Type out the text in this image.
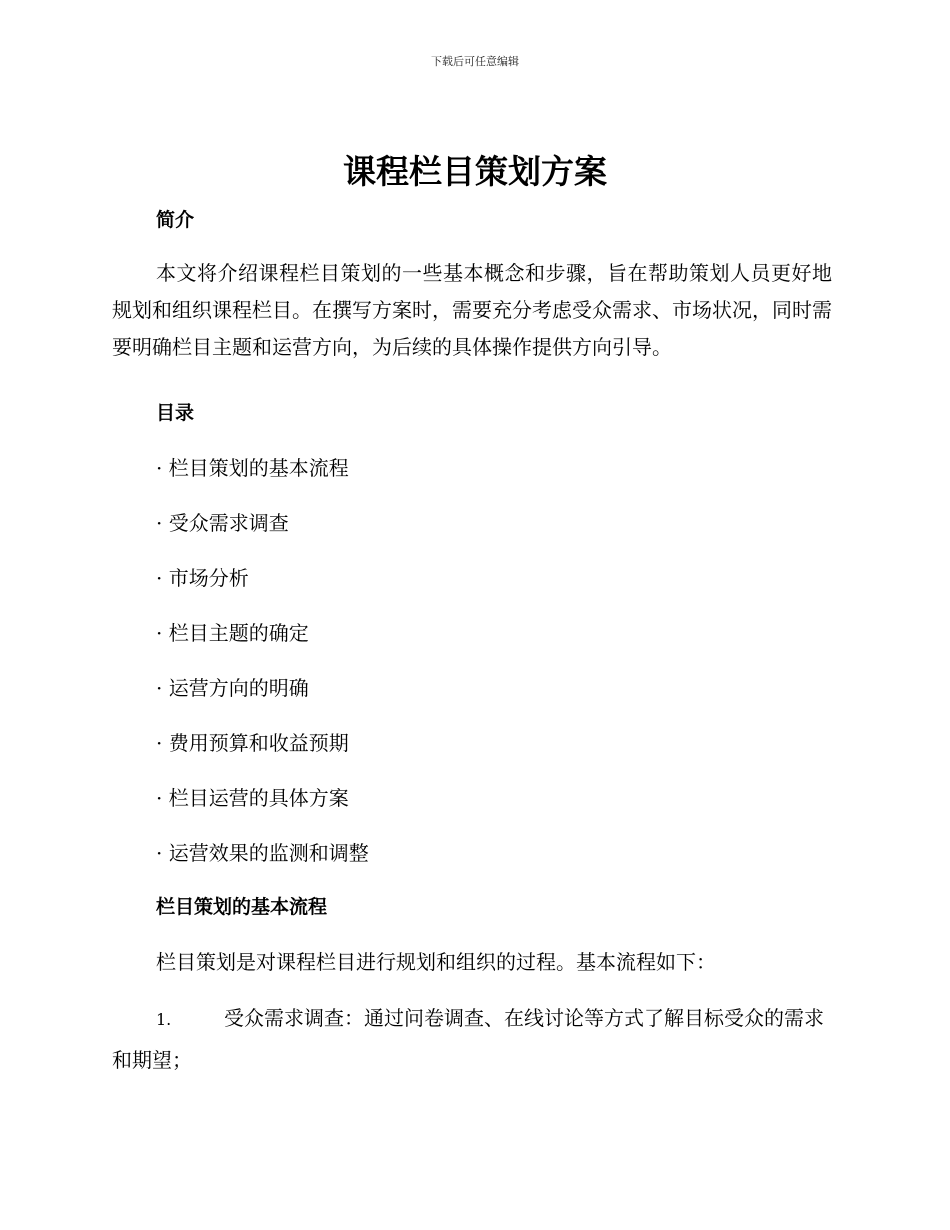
下载后可任意编辑
课程栏目策划方案
简介

本文将介绍课程栏目策划的一些基本概念和步骤，旨在帮助策划人员更好地规划和组织课程栏目。在撰写方案时，需要充分考虑受众需求、市场状况，同时需要明确栏目主题和运营方向，为后续的具体操作提供方向引导。

目录
· 栏目策划的基本流程
· 受众需求调查
· 市场分析
· 栏目主题的确定
· 运营方向的明确
· 费用预算和收益预期
· 栏目运营的具体方案
· 运营效果的监测和调整
栏目策划的基本流程
栏目策划是对课程栏目进行规划和组织的过程。基本流程如下：
1.	受众需求调查：通过问卷调查、在线讨论等方式了解目标受众的需求和期望；
